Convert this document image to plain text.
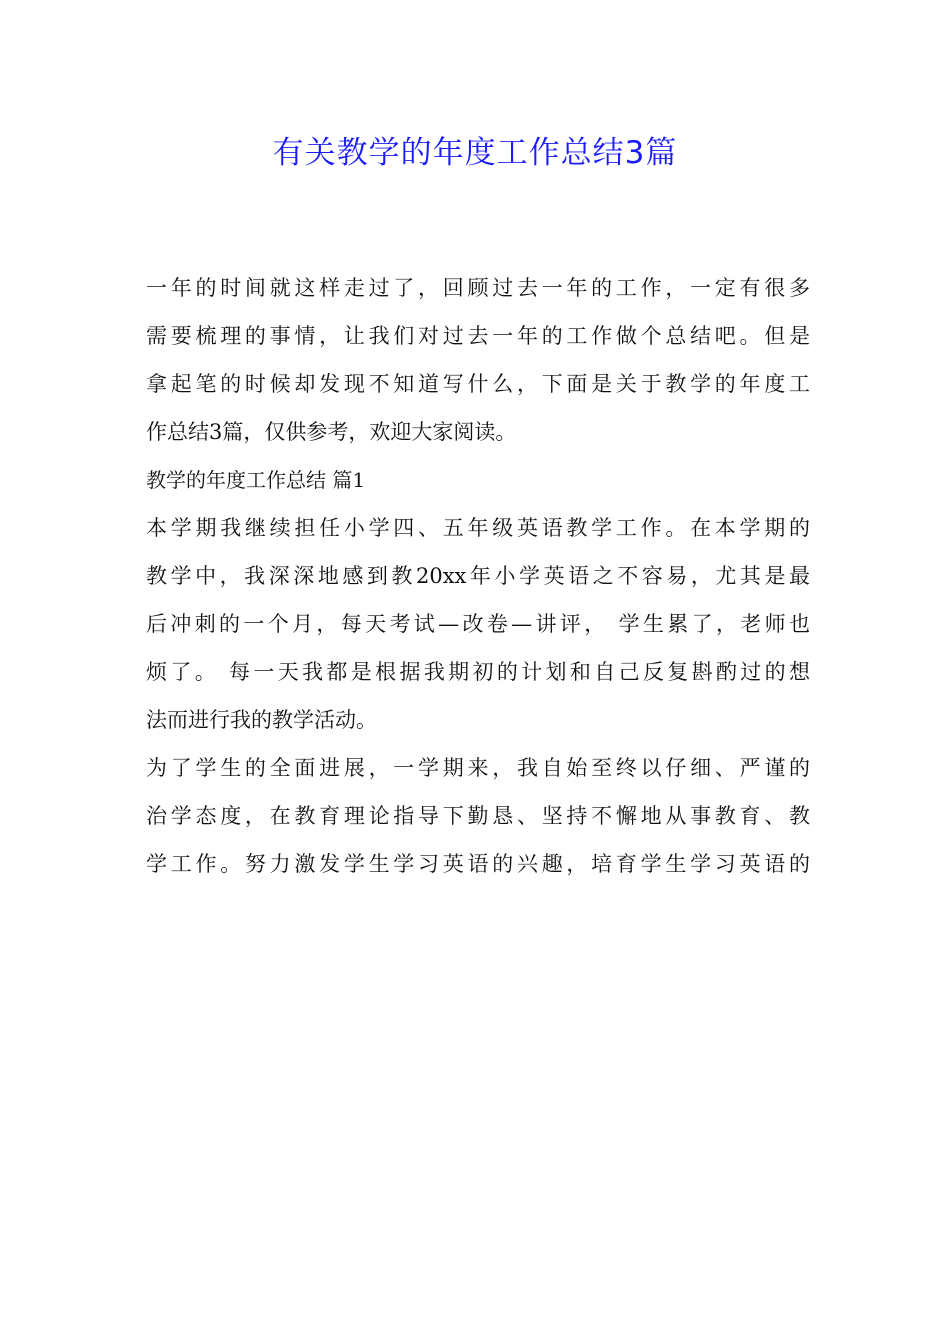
有关教学的年度工作总结3篇

一年的时间就这样走过了，回顾过去一年的工作，一定有很多

需要梳理的事情，让我们对过去一年的工作做个总结吧。但是

拿起笔的时候却发现不知道写什么，下面是关于教学的年度工

作总结3篇，仅供参考，欢迎大家阅读。

教学的年度工作总结 篇1

本学期我继续担任小学四、五年级英语教学工作。在本学期的

教学中，我深深地感到教20xx年小学英语之不容易，尤其是最

后冲刺的一个月，每天考试—改卷—讲评， 学生累了，老师也

烦了。 每一天我都是根据我期初的计划和自己反复斟酌过的想

法而进行我的教学活动。

为了学生的全面进展，一学期来，我自始至终以仔细、严谨的

治学态度，在教育理论指导下勤恳、坚持不懈地从事教育、教

学工作。努力激发学生学习英语的兴趣，培育学生学习英语的
